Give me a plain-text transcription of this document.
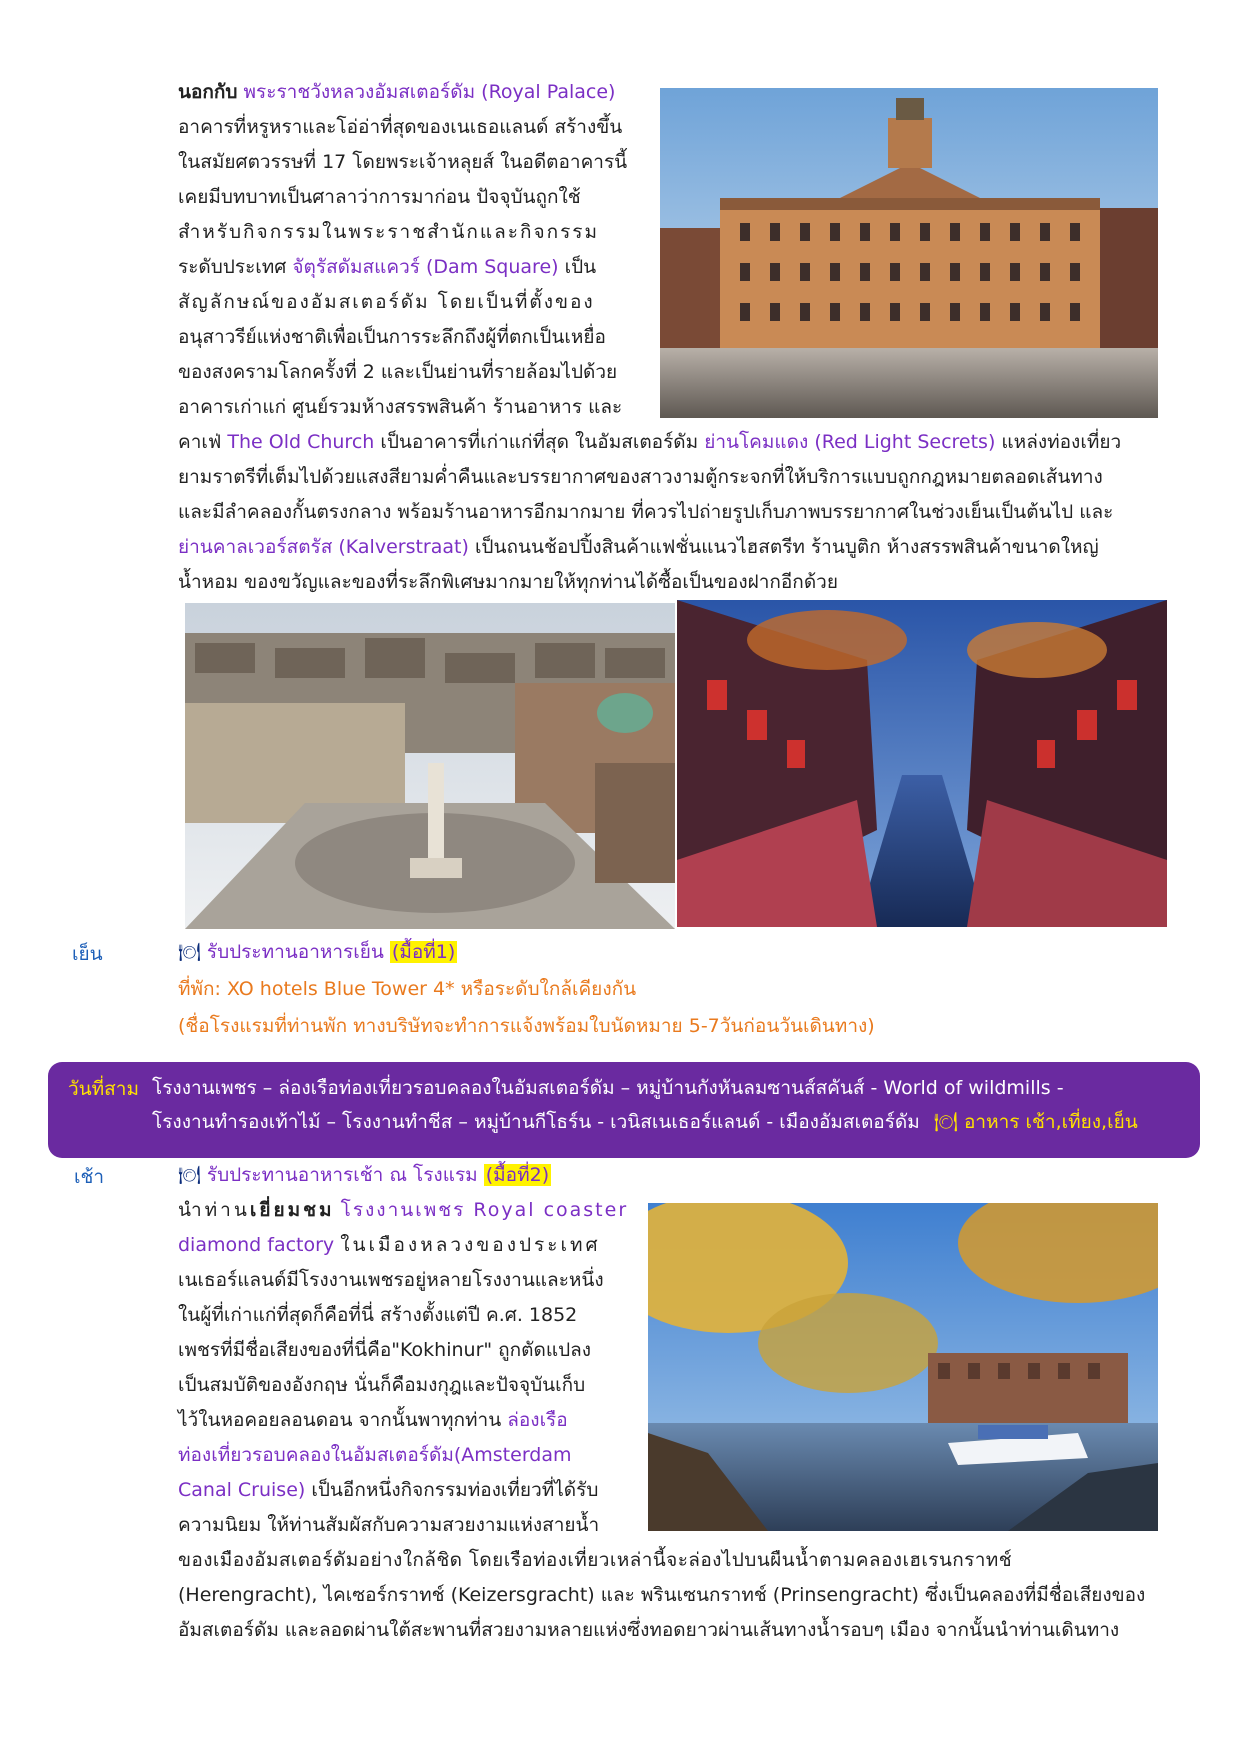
นอกกับ พระราชวังหลวงอัมสเตอร์ดัม (Royal Palace)
อาคารที่หรูหราและโอ่อ่าที่สุดของเนเธอแลนด์ สร้างขึ้น
ในสมัยศตวรรษที่ 17 โดยพระเจ้าหลุยส์ ในอดีตอาคารนี้
เคยมีบทบาทเป็นศาลาว่าการมาก่อน ปัจจุบันถูกใช้
สำหรับกิจกรรมในพระราชสำนักและกิจกรรม
ระดับประเทศ จัตุรัสดัมสแควร์ (Dam Square) เป็น
สัญลักษณ์ของอัมสเตอร์ดัม โดยเป็นที่ตั้งของ
อนุสาวรีย์แห่งชาติเพื่อเป็นการระลึกถึงผู้ที่ตกเป็นเหยื่อ
ของสงครามโลกครั้งที่ 2 และเป็นย่านที่รายล้อมไปด้วย
อาคารเก่าแก่ ศูนย์รวมห้างสรรพสินค้า ร้านอาหาร และ
คาเฟ่ The Old Church เป็นอาคารที่เก่าแก่ที่สุด ในอัมสเตอร์ดัม ย่านโคมแดง (Red Light Secrets) แหล่งท่องเที่ยว
ยามราตรีที่เต็มไปด้วยแสงสียามค่ำคืนและบรรยากาศของสาวงามตู้กระจกที่ให้บริการแบบถูกกฎหมายตลอดเส้นทาง
และมีลำคลองกั้นตรงกลาง พร้อมร้านอาหารอีกมากมาย ที่ควรไปถ่ายรูปเก็บภาพบรรยากาศในช่วงเย็นเป็นต้นไป และ
ย่านคาลเวอร์สตรัส (Kalverstraat) เป็นถนนช้อปปิ้งสินค้าแฟชั่นแนวไฮสตรีท ร้านบูติก ห้างสรรพสินค้าขนาดใหญ่
น้ำหอม ของขวัญและของที่ระลึกพิเศษมากมายให้ทุกท่านได้ซื้อเป็นของฝากอีกด้วย
เย็น	🍽 รับประทานอาหารเย็น (มื้อที่1)
ที่พัก: XO hotels Blue Tower 4* หรือระดับใกล้เคียงกัน
(ชื่อโรงแรมที่ท่านพัก ทางบริษัทจะทำการแจ้งพร้อมใบนัดหมาย 5-7วันก่อนวันเดินทาง)
วันที่สาม โรงงานเพชร – ล่องเรือท่องเที่ยวรอบคลองในอัมสเตอร์ดัม – หมู่บ้านกังหันลมซานส์สคันส์ - World of wildmills -
โรงงานทำรองเท้าไม้ – โรงงานทำชีส – หมู่บ้านกีโธร์น - เวนิสเนเธอร์แลนด์ - เมืองอัมสเตอร์ดัม 🍽 อาหาร เช้า,เที่ยง,เย็น
เช้า	🍽 รับประทานอาหารเช้า ณ โรงแรม (มื้อที่2)
นำท่านเยี่ยมชม โรงงานเพชร Royal coaster
diamond factory ในเมืองหลวงของประเทศ
เนเธอร์แลนด์มีโรงงานเพชรอยู่หลายโรงงานและหนึ่ง
ในผู้ที่เก่าแก่ที่สุดก็คือที่นี่ สร้างตั้งแต่ปี ค.ศ. 1852
เพชรที่มีชื่อเสียงของที่นี่คือ"Kokhinur" ถูกตัดแปลง
เป็นสมบัติของอังกฤษ นั่นก็คือมงกุฎและปัจจุบันเก็บ
ไว้ในหอคอยลอนดอน จากนั้นพาทุกท่าน ล่องเรือ
ท่องเที่ยวรอบคลองในอัมสเตอร์ดัม(Amsterdam
Canal Cruise) เป็นอีกหนึ่งกิจกรรมท่องเที่ยวที่ได้รับ
ความนิยม ให้ท่านสัมผัสกับความสวยงามแห่งสายน้ำ
ของเมืองอัมสเตอร์ดัมอย่างใกล้ชิด โดยเรือท่องเที่ยวเหล่านี้จะล่องไปบนผืนน้ำตามคลองเฮเรนกราทช์
(Herengracht), ไคเซอร์กราทช์ (Keizersgracht) และ พรินเซนกราทช์ (Prinsengracht) ซึ่งเป็นคลองที่มีชื่อเสียงของ
อัมสเตอร์ดัม และลอดผ่านใต้สะพานที่สวยงามหลายแห่งซึ่งทอดยาวผ่านเส้นทางน้ำรอบๆ เมือง จากนั้นนำท่านเดินทาง
